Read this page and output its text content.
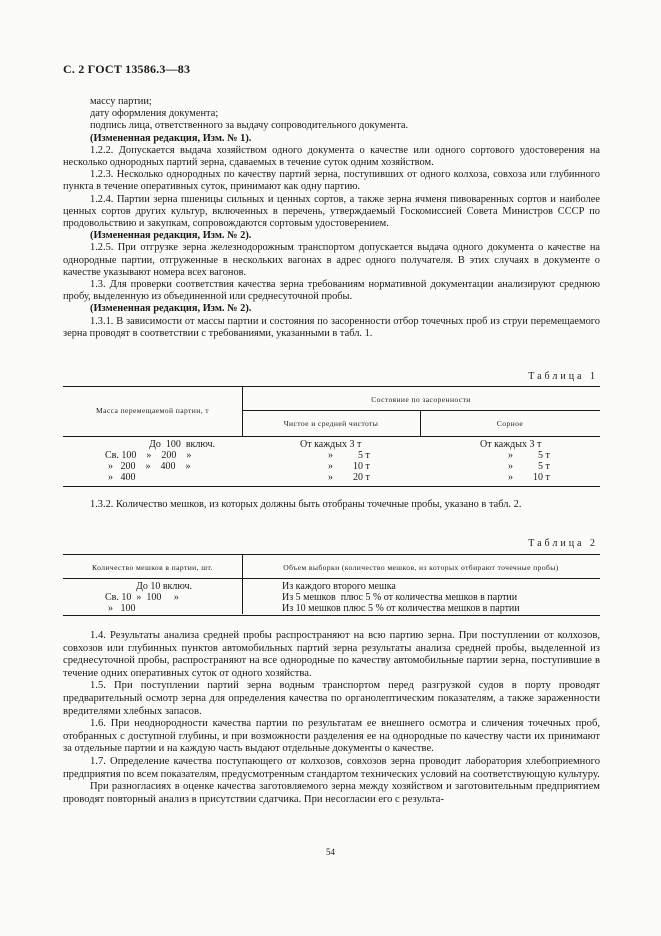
С. 2 ГОСТ 13586.3—83

массу партии;

дату оформления документа;

подпись лица, ответственного за выдачу сопроводительного документа.

(Измененная редакция, Изм. № 1).

1.2.2. Допускается выдача хозяйством одного документа о качестве или одного сортового удостоверения на несколько однородных партий зерна, сдаваемых в течение суток одним хозяйством.

1.2.3. Несколько однородных по качеству партий зерна, поступивших от одного колхоза, совхоза или глубинного пункта в течение оперативных суток, принимают как одну партию.

1.2.4. Партии зерна пшеницы сильных и ценных сортов, а также зерна ячменя пивоваренных сортов и наиболее ценных сортов других культур, включенных в перечень, утверждаемый Госкомиссией Совета Министров СССР по продовольствию и закупкам, сопровождаются сортовым удостоверением.

(Измененная редакция, Изм. № 2).

1.2.5. При отгрузке зерна железнодорожным транспортом допускается выдача одного документа о качестве на однородные партии, отгруженные в нескольких вагонах в адрес одного получателя. В этих случаях в документе о качестве указывают номера всех вагонов.

1.3. Для проверки соответствия качества зерна требованиям нормативной документации анализируют среднюю пробу, выделенную из объединенной или среднесуточной пробы.

(Измененная редакция, Изм. № 2).

1.3.1. В зависимости от массы партии и состояния по засоренности отбор точечных проб из струи перемещаемого зерна проводят в соответствии с требованиями, указанными в табл. 1.

Таблица 1
Масса перемещаемой партии, т
Состояние по засоренности
Чистое и средней чистоты	Сорное
До  100  включ.
Св. 100    »    200    »
»   200    »    400    »
»   400
От каждых 3 т
»          5 т
»        10 т
»        20 т
От каждых 3 т
»          5 т
»          5 т
»        10 т

1.3.2. Количество мешков, из которых должны быть отобраны точечные пробы, указано в табл. 2.

Таблица 2
Количество мешков в партии, шт.	Объем выборки (количество мешков, из которых отбирают точечные пробы)
До 10 включ.
Св. 10  »  100     »
»   100
Из каждого второго мешка
Из 5 мешков  плюс 5 % от количества мешков в партии
Из 10 мешков плюс 5 % от количества мешков в партии

1.4. Результаты анализа средней пробы распространяют на всю партию зерна. При поступлении от колхозов, совхозов или глубинных пунктов автомобильных партий зерна результаты анализа средней пробы, выделенной из среднесуточной пробы, распространяют на все однородные по качеству автомобильные партии зерна, поступившие в течение одних оперативных суток от одного хозяйства.

1.5. При поступлении партий зерна водным транспортом перед разгрузкой судов в порту проводят предварительный осмотр зерна для определения качества по органолептическим показателям, а также зараженности вредителями хлебных запасов.

1.6. При неоднородности качества партии по результатам ее внешнего осмотра и сличения точечных проб, отобранных с доступной глубины, и при возможности разделения ее на однородные по качеству части их принимают за отдельные партии и на каждую часть выдают отдельные документы о качестве.

1.7. Определение качества поступающего от колхозов, совхозов зерна проводит лаборатория хлебоприемного предприятия по всем показателям, предусмотренным стандартом технических условий на соответствующую культуру.

При разногласиях в оценке качества заготовляемого зерна между хозяйством и заготовительным предприятием проводят повторный анализ в присутствии сдатчика. При несогласии его с результа-

54
